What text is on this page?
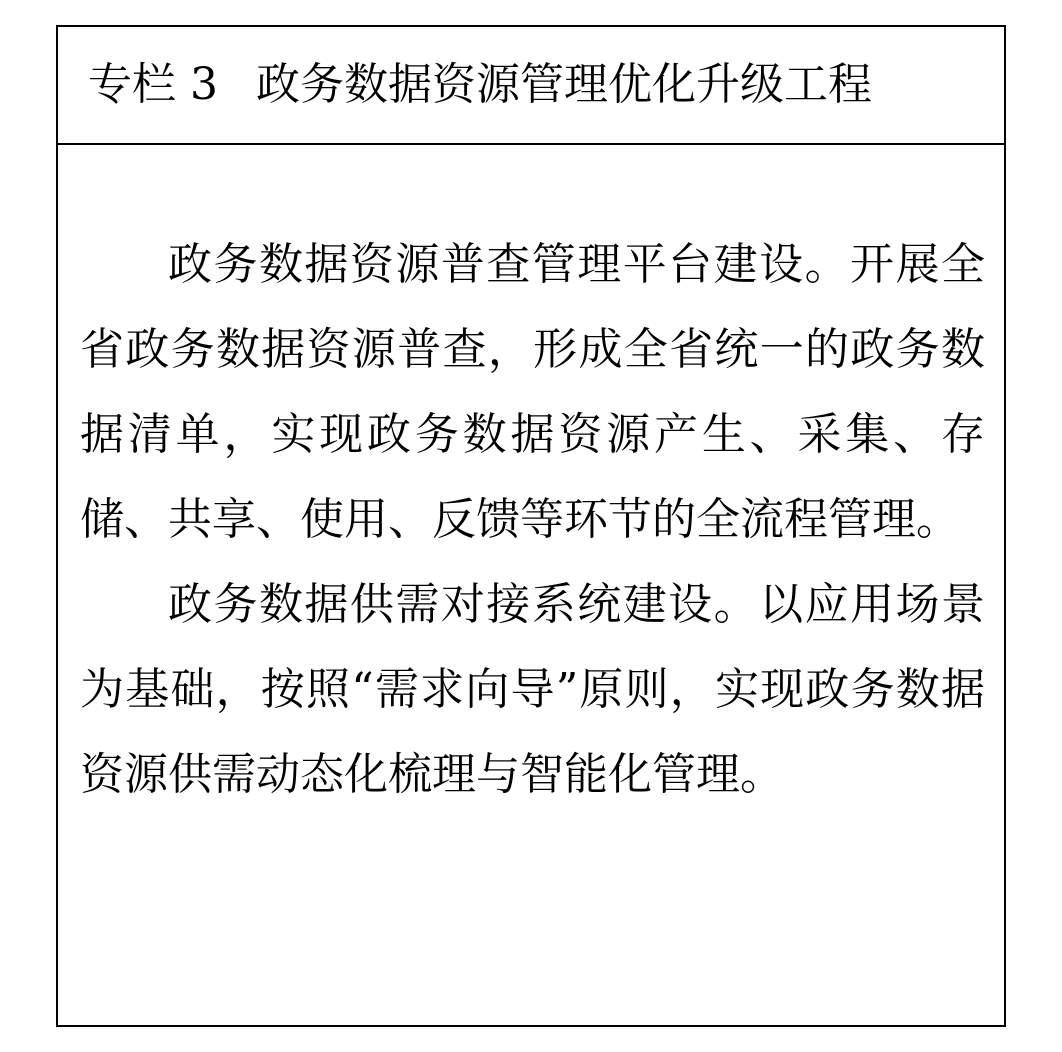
专栏 3 政务数据资源管理优化升级工程

政务数据资源普查管理平台建设。开展全省政务数据资源普查，形成全省统一的政务数据清单，实现政务数据资源产生、采集、存储、共享、使用、反馈等环节的全流程管理。

政务数据供需对接系统建设。以应用场景为基础，按照“需求向导”原则，实现政务数据资源供需动态化梳理与智能化管理。
